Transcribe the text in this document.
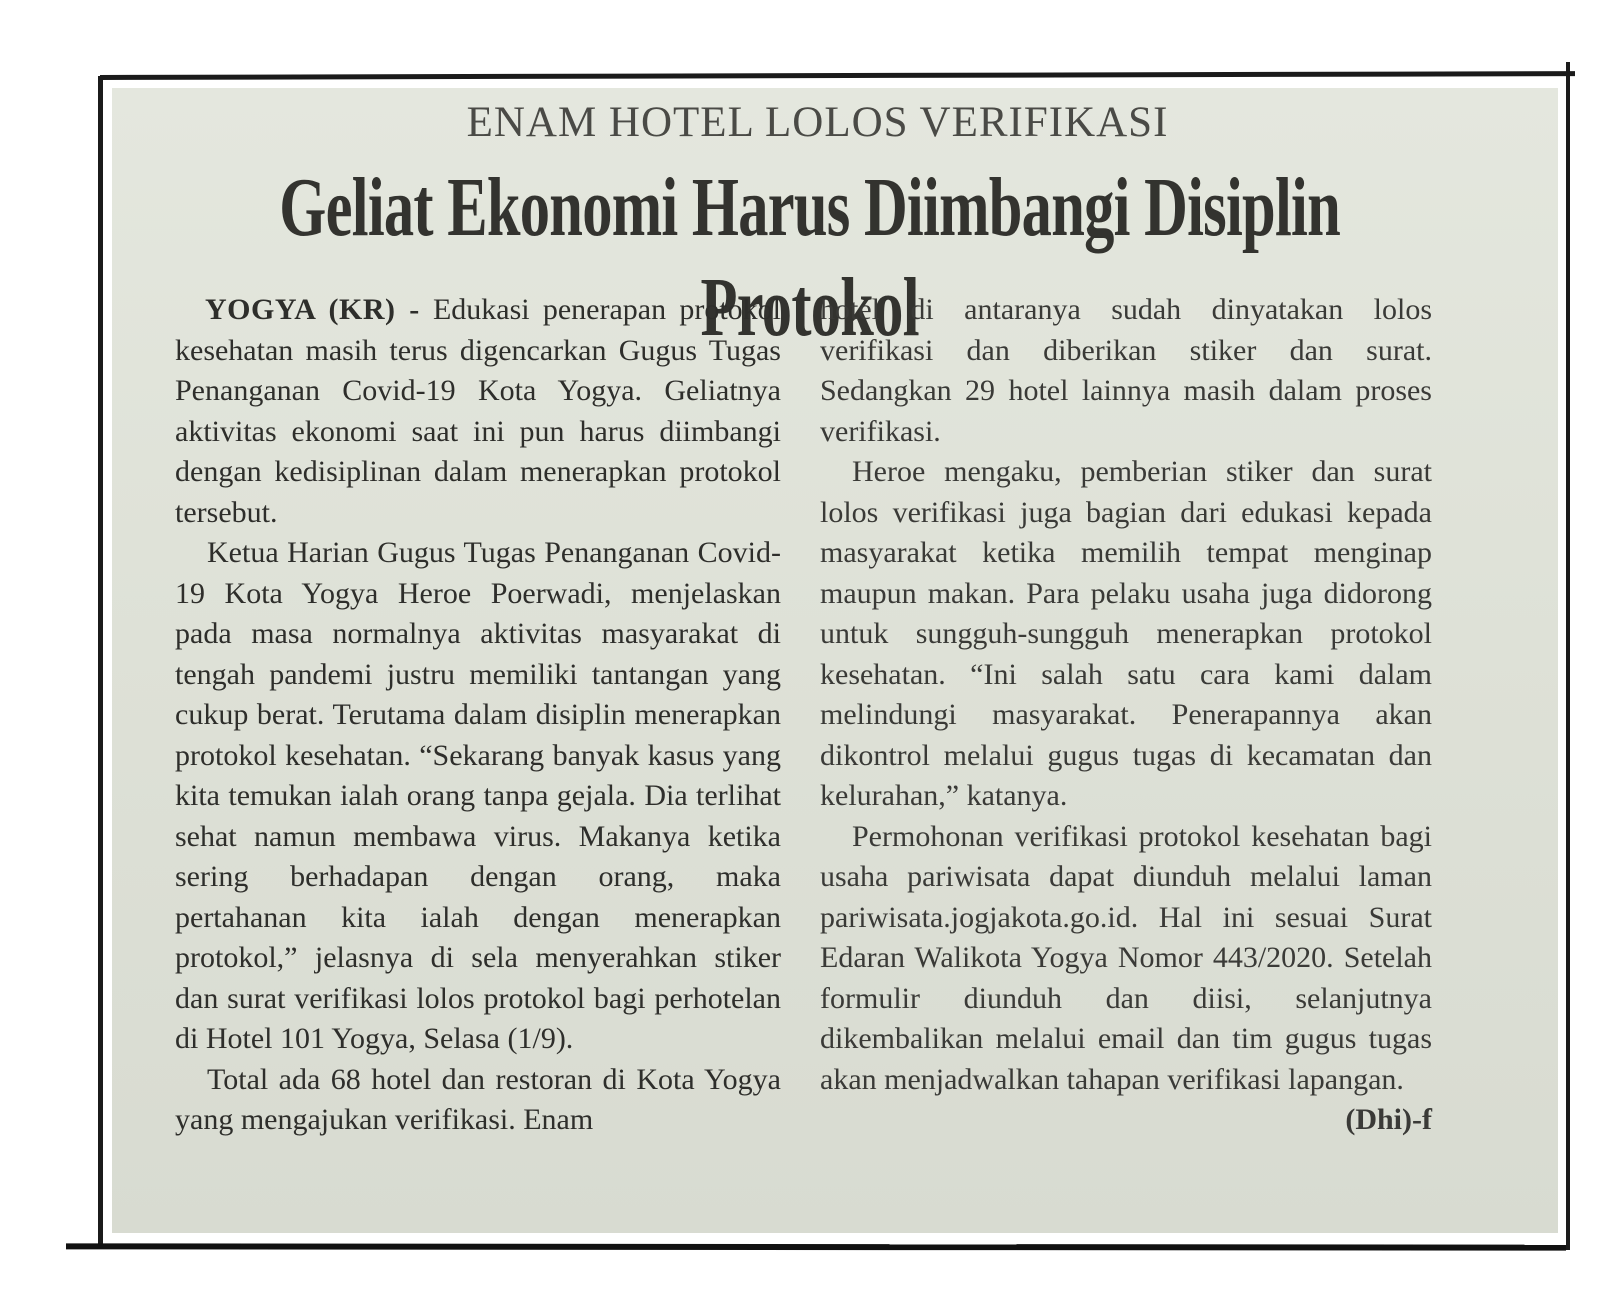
ENAM HOTEL LOLOS VERIFIKASI
Geliat Ekonomi Harus Diimbangi Disiplin Protokol

YOGYA (KR) - Edukasi penerapan protokol kesehatan masih terus digencarkan Gugus Tugas Penanganan Covid-19 Kota Yogya. Geliatnya aktivitas ekonomi saat ini pun harus diimbangi dengan kedisiplinan dalam menerapkan protokol tersebut.

Ketua Harian Gugus Tugas Penanganan Covid-19 Kota Yogya Heroe Poerwadi, menjelaskan pada masa normalnya aktivitas masyarakat di tengah pandemi justru memiliki tantangan yang cukup berat. Terutama dalam disiplin menerapkan protokol kesehatan. “Sekarang banyak kasus yang kita temukan ialah orang tanpa gejala. Dia terlihat sehat namun membawa virus. Makanya ketika sering berhadapan dengan orang, maka pertahanan kita ialah dengan menerapkan protokol,” jelasnya di sela menyerahkan stiker dan surat verifikasi lolos protokol bagi perhotelan di Hotel 101 Yogya, Selasa (1/9).

Total ada 68 hotel dan restoran di Kota Yogya yang mengajukan verifikasi. Enam

hotel di antaranya sudah dinyatakan lolos verifikasi dan diberikan stiker dan surat. Sedangkan 29 hotel lainnya masih dalam proses verifikasi.

Heroe mengaku, pemberian stiker dan surat lolos verifikasi juga bagian dari edukasi kepada masyarakat ketika memilih tempat menginap maupun makan. Para pelaku usaha juga didorong untuk sungguh-sungguh menerapkan protokol kesehatan. “Ini salah satu cara kami dalam melindungi masyarakat. Penerapannya akan dikontrol melalui gugus tugas di kecamatan dan kelurahan,” katanya.

Permohonan verifikasi protokol kesehatan bagi usaha pariwisata dapat diunduh melalui laman pariwisata.jogjakota.go.id. Hal ini sesuai Surat Edaran Walikota Yogya Nomor 443/2020. Setelah formulir diunduh dan diisi, selanjutnya dikembalikan melalui email dan tim gugus tugas akan menjadwalkan tahapan verifikasi lapangan.
(Dhi)-f
